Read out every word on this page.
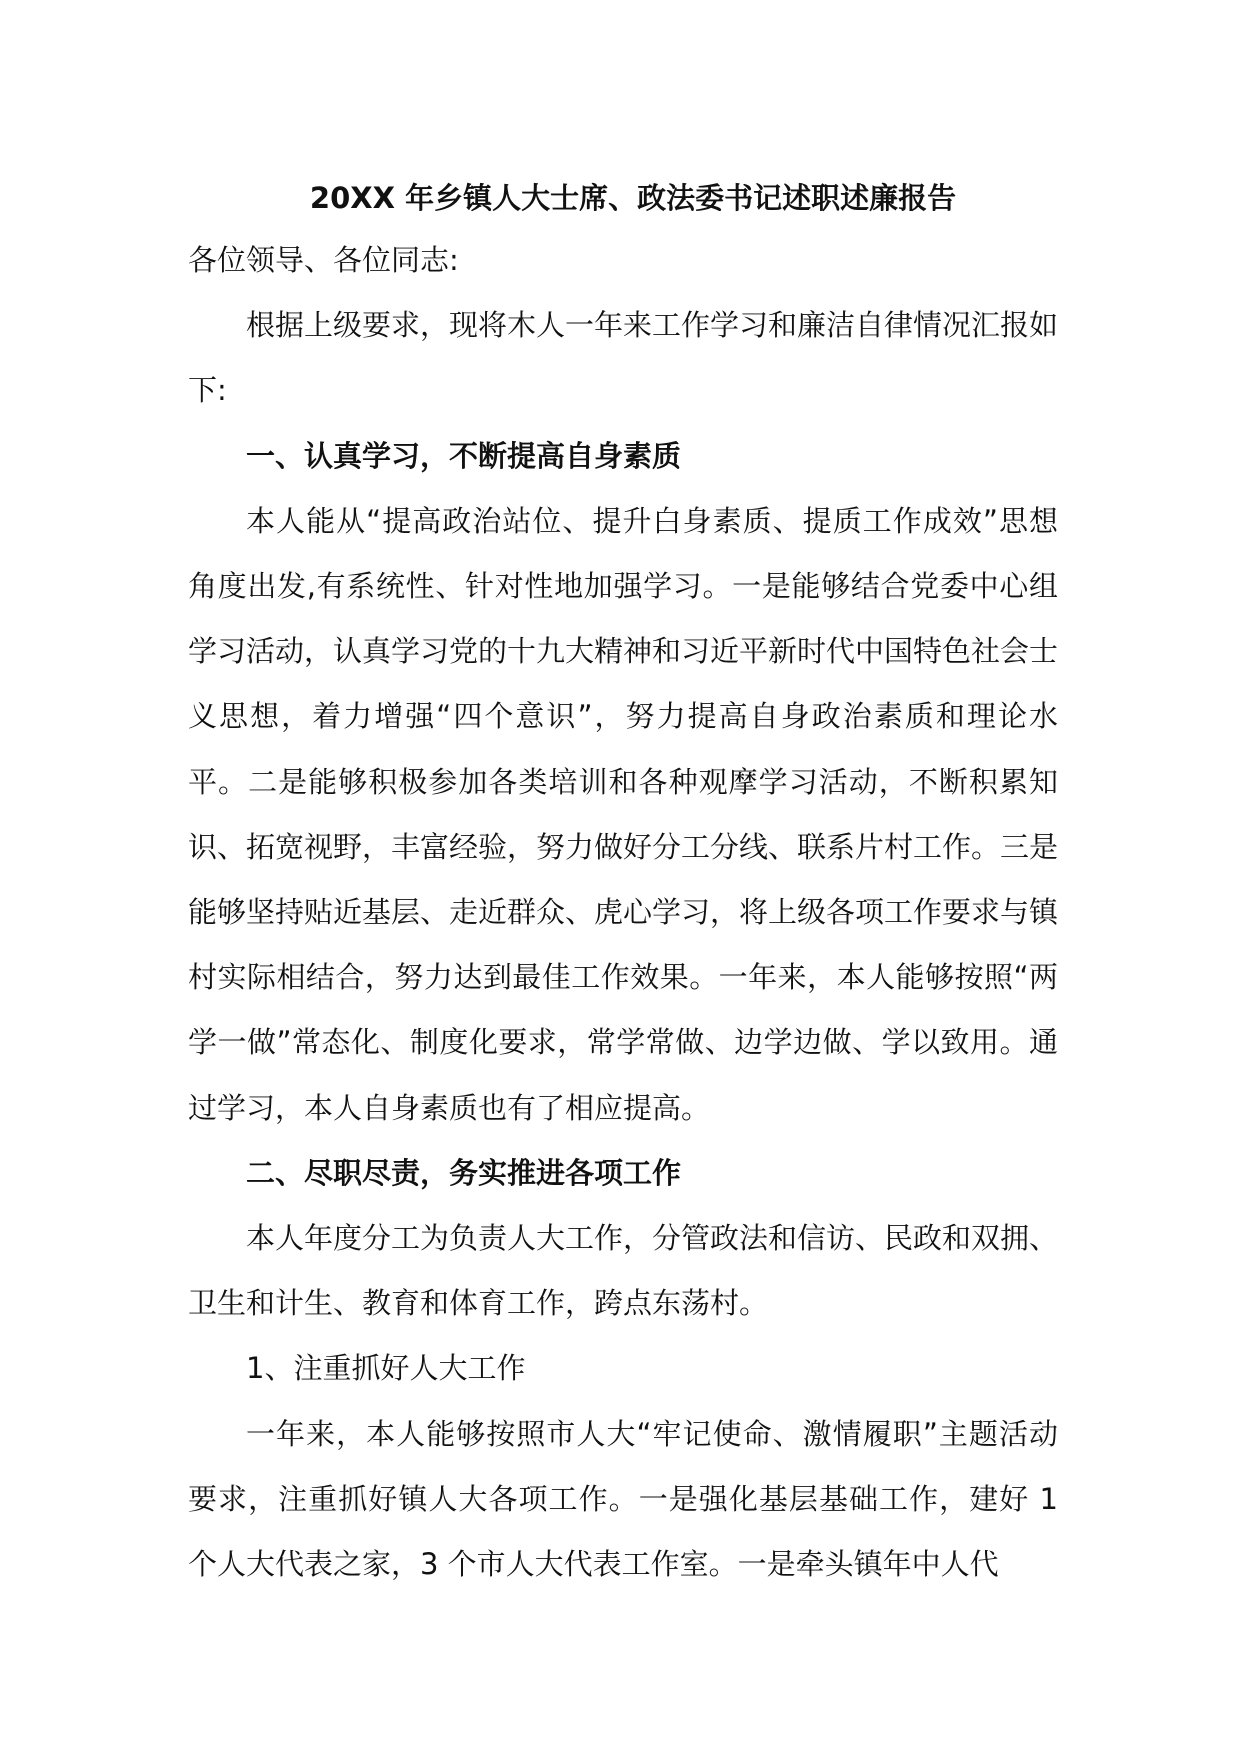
20XX 年乡镇人大士席、政法委书记述职述廉报告

各位领导、各位同志:

根据上级要求，现将木人一年来工作学习和廉洁自律情况汇报如下:

一、认真学习，不断提高自身素质

本人能从“提高政治站位、提升白身素质、提质工作成效”思想角度出发,有系统性、针对性地加强学习。一是能够结合党委中心组学习活动，认真学习党的十九大精神和习近平新时代中国特色社会士义思想，着力增强“四个意识”，努力提高自身政治素质和理论水平。二是能够积极参加各类培训和各种观摩学习活动，不断积累知识、拓宽视野，丰富经验，努力做好分工分线、联系片村工作。三是能够坚持贴近基层、走近群众、虎心学习，将上级各项工作要求与镇村实际相结合，努力达到最佳工作效果。一年来，本人能够按照“两学一做”常态化、制度化要求，常学常做、边学边做、学以致用。通过学习，本人自身素质也有了相应提高。

二、尽职尽责，务实推进各项工作

本人年度分工为负责人大工作，分管政法和信访、民政和双拥、卫生和计生、教育和体育工作，跨点东荡村。

1、注重抓好人大工作

一年来，本人能够按照市人大“牢记使命、激情履职”主题活动要求，注重抓好镇人大各项工作。一是强化基层基础工作，建好 1 个人大代表之家，3 个市人大代表工作室。一是牵头镇年中人代
